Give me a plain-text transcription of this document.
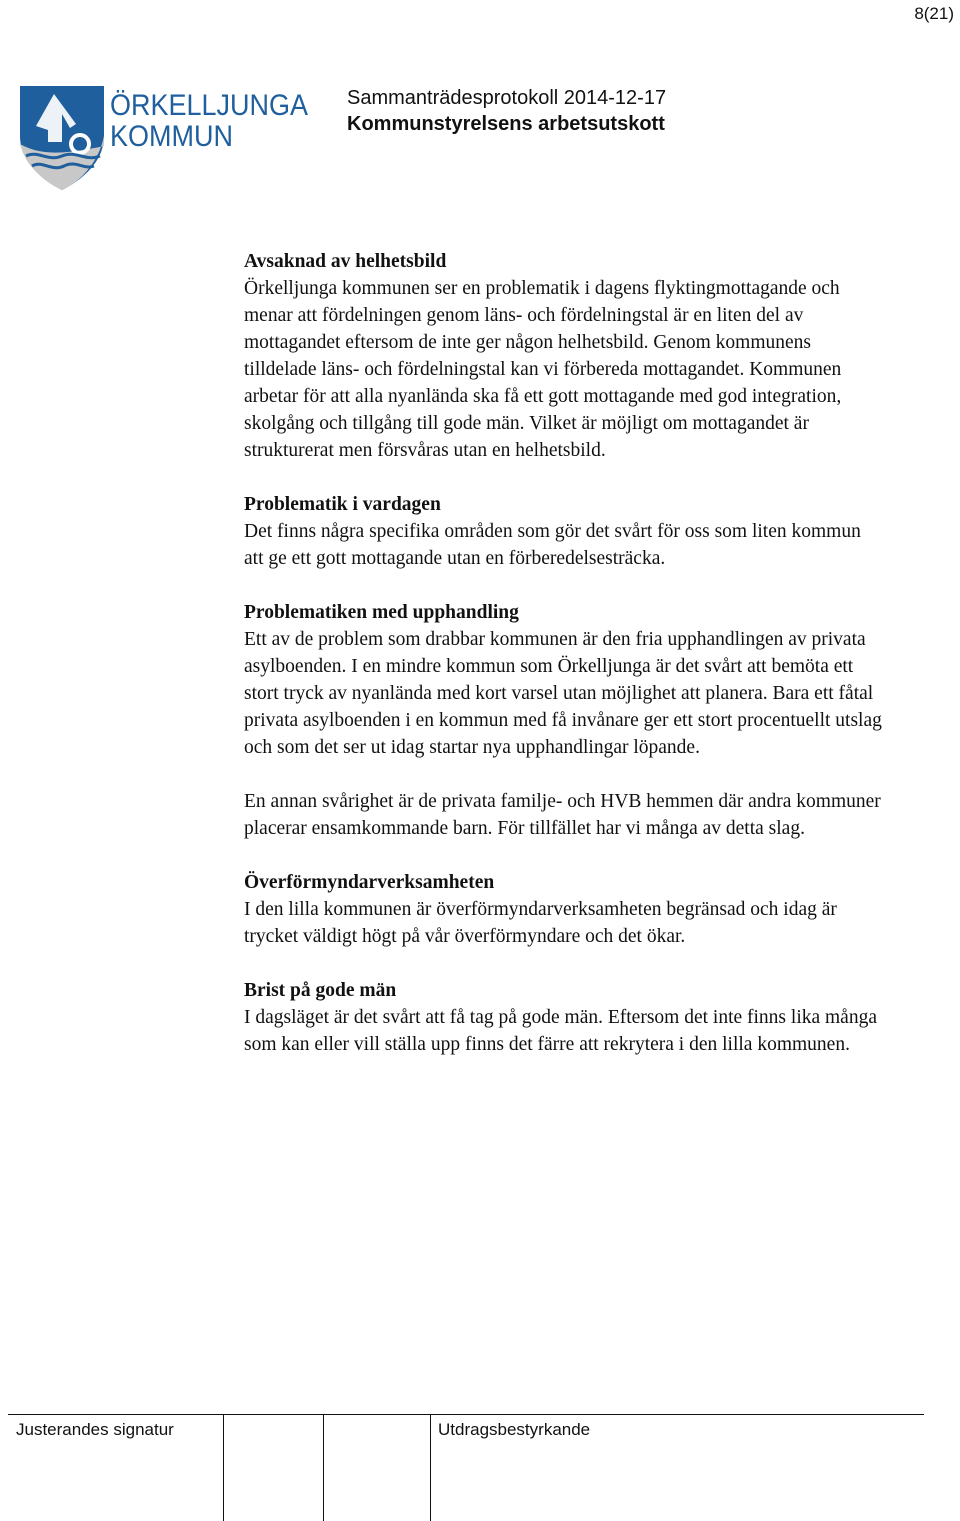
8(21)
ÖRKELLJUNGA
KOMMUN
Sammanträdesprotokoll 2014-12-17
Kommunstyrelsens arbetsutskott
Avsaknad av helhetsbild

Örkelljunga kommunen ser en problematik i dagens flyktingmottagande och menar att fördelningen genom läns- och fördelningstal är en liten del av mottagandet eftersom de inte ger någon helhetsbild. Genom kommunens tilldelade läns- och fördelningstal kan vi förbereda mottagandet. Kommunen arbetar för att alla nyanlända ska få ett gott mottagande med god integration, skolgång och tillgång till gode män. Vilket är möjligt om mottagandet är strukturerat men försvåras utan en helhetsbild.

Problematik i vardagen

Det finns några specifika områden som gör det svårt för oss som liten kommun att ge ett gott mottagande utan en förberedelsesträcka.

Problematiken med upphandling

Ett av de problem som drabbar kommunen är den fria upphandlingen av privata asylboenden. I en mindre kommun som Örkelljunga är det svårt att bemöta ett stort tryck av nyanlända med kort varsel utan möjlighet att planera. Bara ett fåtal privata asylboenden i en kommun med få invånare ger ett stort procentuellt utslag och som det ser ut idag startar nya upphandlingar löpande.

En annan svårighet är de privata familje- och HVB hemmen där andra kommuner placerar ensamkommande barn. För tillfället har vi många av detta slag.

Överförmyndarverksamheten

I den lilla kommunen är överförmyndarverksamheten begränsad och idag är trycket väldigt högt på vår överförmyndare och det ökar.

Brist på gode män

I dagsläget är det svårt att få tag på gode män. Eftersom det inte finns lika många som kan eller vill ställa upp finns det färre att rekrytera i den lilla kommunen.

Justerandes signatur	Utdragsbestyrkande
